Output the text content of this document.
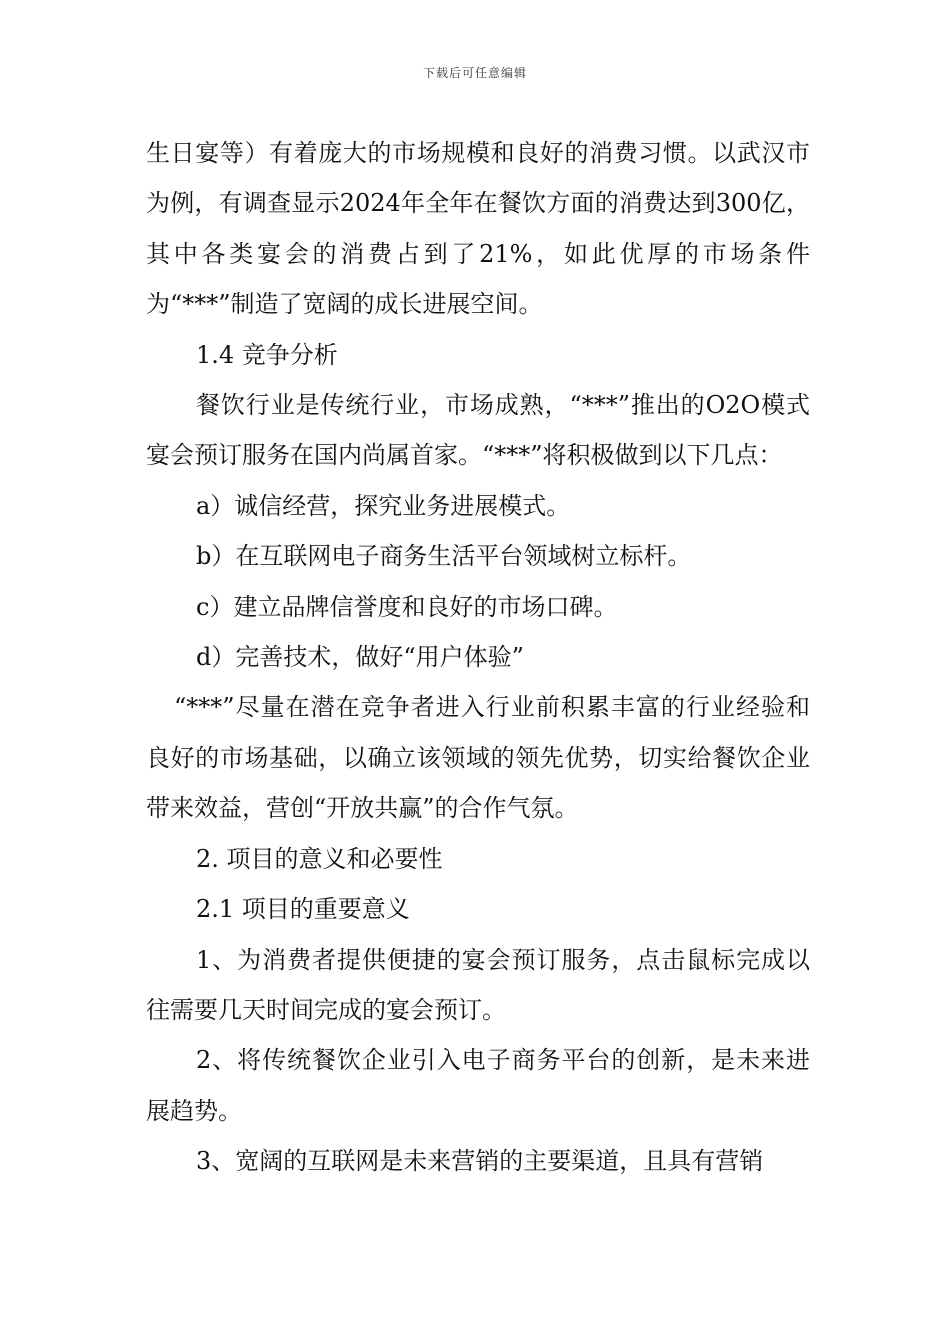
下载后可任意编辑

生日宴等）有着庞大的市场规模和良好的消费习惯。以武汉市为例，有调查显示2024年全年在餐饮方面的消费达到300亿，其中各类宴会的消费占到了21%，如此优厚的市场条件为“***”制造了宽阔的成长进展空间。

1.4 竞争分析

餐饮行业是传统行业，市场成熟，“***”推出的O2O模式宴会预订服务在国内尚属首家。“***”将积极做到以下几点：

a）诚信经营，探究业务进展模式。

b）在互联网电子商务生活平台领域树立标杆。

c）建立品牌信誉度和良好的市场口碑。

d）完善技术，做好“用户体验”

“***”尽量在潜在竞争者进入行业前积累丰富的行业经验和良好的市场基础，以确立该领域的领先优势，切实给餐饮企业带来效益，营创“开放共赢”的合作气氛。

2. 项目的意义和必要性

2.1 项目的重要意义

1、为消费者提供便捷的宴会预订服务，点击鼠标完成以往需要几天时间完成的宴会预订。

2、将传统餐饮企业引入电子商务平台的创新，是未来进展趋势。

3、宽阔的互联网是未来营销的主要渠道，且具有营销
